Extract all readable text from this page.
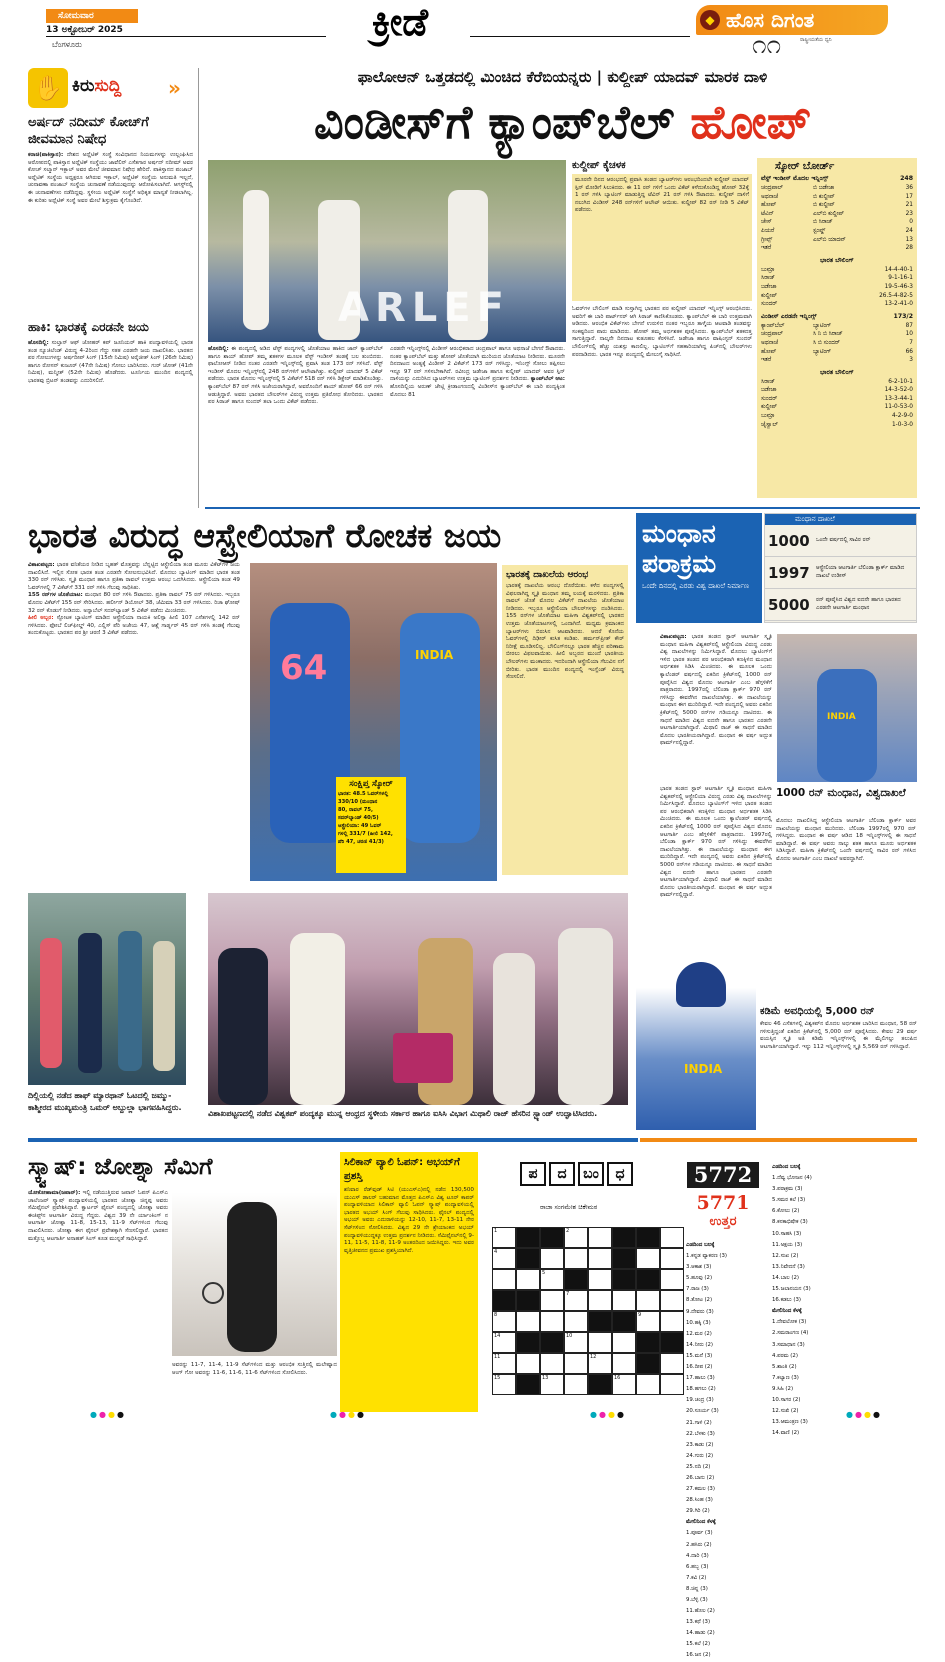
ಸೋಮವಾರ
13 ಅಕ್ಟೋಬರ್ 2025
ಬೆಂಗಳೂರು
ಕ್ರೀಡೆ	◆ ಹೊಸ ದಿಗಂತ
ರಾಷ್ಟ್ರೀಯತೆಯ ಧ್ವನಿ
೧೧
✋ ಕಿರುಸುದ್ದಿ »
ಅರ್ಷದ್ ನದೀಮ್ ಕೋಚ್‌ಗೆ ಜೀವಮಾನ ನಿಷೇಧ
ಕರಾಚಿ(ಪಾಕಿಸ್ತಾನ): ದೇಶದ ಅಥ್ಲೆಟಿಕ್ ಸಂಸ್ಥೆ ಸಂವಿಧಾನದ ನಿಯಮಗಳನ್ನು ಉಲ್ಲಂಘಿಸಿದ ಆರೋಪದಲ್ಲಿ ಪಾಕಿಸ್ತಾನ ಅಥ್ಲೆಟಿಕ್ ಸಂಸ್ಥೆಯು ಜಾವೆಲಿನ್ ಎಸೆತಗಾರ ಅರ್ಷದ್ ನದೀಮ್ ಅವರ ಕೋಚ್ ಸಲ್ಮಾನ್ ಇಕ್ಬಾಲ್ ಅವರ ಮೇಲೆ ಜೀವಮಾನ ನಿಷೇಧ ಹೇರಿದೆ. ಪಾಕಿಸ್ತಾನದ ಪಂಜಾಬ್ ಅಥ್ಲೆಟಿಕ್ ಸಂಸ್ಥೆಯ ಅಧ್ಯಕ್ಷರೂ ಆಗಿರುವ ಇಕ್ಬಾಲ್, ಅಥ್ಲೆಟಿಕ್ ಸಂಸ್ಥೆಯ ಅನುಮತಿ ಇಲ್ಲದೆ, ಚುನಾವಣಾ ಪಂಜಾಬ್ ಸಂಸ್ಥೆಯ ಚುನಾವಣೆ ನಡೆಯುವುದನ್ನು ಆರೋಪಿಸಲಾಗಿದೆ. ಆಗಸ್ಟ್‌ನಲ್ಲಿ ಈ ಚುನಾವಣೆಗಳು ನಡೆದಿದ್ದವು. ಸ್ಥಳೀಯ ಅಥ್ಲೆಟಿಕ್ ಸಂಸ್ಥೆಗೆ ಅಧಿಕೃತ ಮಾನ್ಯತೆ ನೀಡಲಾಗಿಲ್ಲ. ಈ ಕುರಿತು ಅಥ್ಲೆಟಿಕ್ ಸಂಸ್ಥೆ ಅವರ ಮೇಲೆ ಶಿಸ್ತುಕ್ರಮ ಕೈಗೊಂಡಿದೆ.
ಹಾಕಿ: ಭಾರತಕ್ಕೆ ಎರಡನೇ ಜಯ
ಹೊಸದಿಲ್ಲಿ: ಸುಲ್ತಾನ್ ಆಫ್ ಜೋಹರ್ ಕಪ್ ಜೂನಿಯರ್ ಹಾಕಿ ಪಂದ್ಯಾವಳಿಯಲ್ಲಿ ಭಾರತ ತಂಡ ನ್ಯೂಜಿಲೆಂಡ್ ವಿರುದ್ಧ 4-2ರಿಂದ ಗೆದ್ದು ಸತತ ಎರಡನೇ ಜಯ ದಾಖಲಿಸಿತು. ಭಾರತದ ಪರ ಗೋಲುಗಳನ್ನು ಅರ್ಷದೀಪ್ ಸಿಂಗ್ (15ನೇ ನಿಮಿಷ) ಅರೈಜೀತ್ ಸಿಂಗ್ (26ನೇ ನಿಮಿಷ) ಹಾಗೂ ರೋಸನ್ ಕುಜೂರ್ (47ನೇ ನಿಮಿಷ) ಗೋಲು ಬಾರಿಸಿದರು. ಗುರ್ ಜೋತ್ (41ನೇ ನಿಮಿಷ), ಮನ್ಮೀತ್ (52ನೇ ನಿಮಿಷ) ಹೊಡೆದರು. ಟೂರ್ನಿಯ ಮುಂದಿನ ಪಂದ್ಯದಲ್ಲಿ ಭಾರತವು ಬ್ರಿಟನ್ ತಂಡವನ್ನು ಎದುರಿಸಲಿದೆ.
ಫಾಲೋಆನ್ ಒತ್ತಡದಲ್ಲಿ ಮಿಂಚಿದ ಕೆರೆಬಿಯನ್ನರು | ಕುಲ್ದೀಪ್ ಯಾದವ್ ಮಾರಕ ದಾಳಿ
ವಿಂಡೀಸ್‌ಗೆ ಕ್ಯಾಂಪ್‌ಬೆಲ್ ಹೋಪ್
ARLEF
ಹೊಸದಿಲ್ಲಿ: ಈ ಪಂದ್ಯದಲ್ಲಿ ಅಡಿದ ಟೆಸ್ಟ್ ಪಂದ್ಯಗಳಲ್ಲಿ ಜೊತೆಯಾಟ ಹಾಕಿದ ಜಾನ್ ಕ್ಯಾಂಪ್‌ಬೆಲ್ ಹಾಗೂ ಶಾಯ್ ಹೋಪ್ ತಮ್ಮ ಶತಕಗಳ ಮೂಲಕ ವೆಸ್ಟ್ ಇಂಡೀಸ್ ತಂಡಕ್ಕೆ ಬಲ ತುಂಬಿದರು. ಫಾಲೋಆನ್ ನೀಡಿದ ನಂತರ ಎರಡನೇ ಇನ್ನಿಂಗ್ಸ್‌ನಲ್ಲಿ ಪ್ರವಾಸಿ ತಂಡ 173 ರನ್ ಗಳಿಸಿದೆ. ವೆಸ್ಟ್ ಇಂಡೀಸ್ ಮೊದಲ ಇನ್ನಿಂಗ್ಸ್‌ನಲ್ಲಿ 248 ರನ್‌ಗಳಿಗೆ ಆಲೌಟಾಗಿತ್ತು. ಕುಲ್ದೀಪ್ ಯಾದವ್ 5 ವಿಕೆಟ್ ಪಡೆದರು. ಭಾರತ ಮೊದಲ ಇನ್ನಿಂಗ್ಸ್‌ನಲ್ಲಿ 5 ವಿಕೆಟ್‌ಗೆ 518 ರನ್ ಗಳಿಸಿ ಡಿಕ್ಲೇರ್ ಮಾಡಿಕೊಂಡಿತ್ತು. ಕ್ಯಾಂಪ್‌ಬೆಲ್ 87 ರನ್ ಗಳಿಸಿ ಅಜೇಯರಾಗಿದ್ದಾರೆ, ಅವರೊಂದಿಗೆ ಶಾಯ್ ಹೋಪ್ 66 ರನ್ ಗಳಿಸಿ ಆಡುತ್ತಿದ್ದಾರೆ. ಅವರು ಭಾರತದ ಬೌಲರ್‌ಗಳ ವಿರುದ್ಧ ಉತ್ತಮ ಪ್ರತಿರೋಧ ತೋರಿದರು. ಭಾರತದ ಪರ ಸಿರಾಜ್ ಹಾಗೂ ಸುಂದರ್ ತಲಾ ಒಂದು ವಿಕೆಟ್ ಪಡೆದರು.
ಎರಡನೇ ಇನ್ನಿಂಗ್ಸ್‌ನಲ್ಲಿ ವಿಂಡೀಸ್ ಆರಂಭಿಕರಾದ ಚಂದ್ರಪಾಲ್ ಹಾಗೂ ಅಥನಾಜೆ ಬೇಗನೆ ಔಟಾದರು. ನಂತರ ಕ್ಯಾಂಪ್‌ಬೆಲ್ ಮತ್ತು ಹೋಪ್ ಜೊತೆಯಾಗಿ ಮುರಿಯದ ಜೊತೆಯಾಟ ನೀಡಿದರು. ಮೂರನೇ ದಿನದಾಟದ ಅಂತ್ಯಕ್ಕೆ ವಿಂಡೀಸ್ 2 ವಿಕೆಟ್‌ಗೆ 173 ರನ್ ಗಳಿಸಿದ್ದು, ಇನಿಂಗ್ಸ್ ಸೋಲು ತಪ್ಪಿಸಲು ಇನ್ನೂ 97 ರನ್ ಗಳಿಸಬೇಕಾಗಿದೆ. ರವೀಂದ್ರ ಜಡೇಜಾ ಹಾಗೂ ಕುಲ್ದೀಪ್ ಯಾದವ್ ಅವರ ಸ್ಪಿನ್ ದಾಳಿಯನ್ನು ಎದುರಿಸಿದ ಬ್ಯಾಟರ್‌ಗಳು ಉತ್ತಮ ಬ್ಯಾಟಿಂಗ್ ಪ್ರದರ್ಶನ ನೀಡಿದರು. ಕ್ಯಾಂಪ್‌ಬೆಲ್ ಆಟ: ಹೊಸದಿಲ್ಲಿಯ ಅರುಣ್ ಜೇಟ್ಲಿ ಕ್ರೀಡಾಂಗಣದಲ್ಲಿ ವಿಂಡೀಸ್‌ನ ಕ್ಯಾಂಪ್‌ಬೆಲ್ ಈ ಬಾರಿ ಪಂದ್ಯಕ್ಕಿಂತ ಮೊದಲು 81
ಕುಲ್ದೀಪ್ ಕೈಚಳಕ
ಮೂರನೇ ದಿನದ ಆರಂಭದಲ್ಲಿ ಪ್ರವಾಸಿ ತಂಡದ ಬ್ಯಾಟರ್‌ಗಳು ಆರಂಭದಿಂದಲೇ ಕುಲ್ದೀಪ್ ಯಾದವ್ ಸ್ಪಿನ್ ಮೋಡಿಗೆ ಸಿಲುಕಿದರು. ಈ 11 ರನ್ ಗಳಿಗೆ ಒಂದು ವಿಕೆಟ್ ಕಳೆದುಕೊಂಡಿದ್ದ ಹೋಪ್ 32ಕ್ಕೆ 1 ರನ್ ಗಳಿಸಿ ಬ್ಯಾಟಿಂಗ್ ಮಾಡುತ್ತಿದ್ದ ಟೆವಿನ್ 21 ರನ್ ಗಳಿಸಿ ಔಟಾದರು. ಕುಲ್ದೀಪ್ ದಾಳಿಗೆ ನಲುಗಿದ ವಿಂಡೀಸ್ 248 ರನ್‌ಗಳಿಗೆ ಆಲೌಟ್ ಆಯಿತು. ಕುಲ್ದೀಪ್ 82 ರನ್ ನೀಡಿ 5 ವಿಕೆಟ್ ಪಡೆದರು.
ಓವರ್‌ಗಳ ಬೌಲಿಂಗ್ ಮಾಡಿ ಸುಸ್ತಾಗಿದ್ದ ಭಾರತದ ಪರ ಕುಲ್ದೀಪ್ ಯಾದವ್ ಇನ್ನಿಂಗ್ಸ್ ಆರಂಭಿಸಿದರು. ಅವರಿಗೆ ಈ ಬಾರಿ ಪಾರ್ಟ್‌ನರ್ ಆಗಿ ಸಿರಾಜ್ ಕಾಣಿಸಿಕೊಂಡರು. ಕ್ಯಾಂಪ್‌ಬೆಲ್ ಈ ಬಾರಿ ಉತ್ತಮವಾಗಿ ಆಡಿದರು. ಆರಂಭಿಕ ವಿಕೆಟ್‌ಗಳು ಬೇಗನೆ ಉರುಳಿದ ನಂತರ ಇಬ್ಬರೂ ತಾಳ್ಮೆಯ ಆಟವಾಡಿ ತಂಡವನ್ನು ಸಂಕಷ್ಟದಿಂದ ಪಾರು ಮಾಡಿದರು. ಹೋಪ್ ತಮ್ಮ ಅರ್ಧಶತಕ ಪೂರೈಸಿದರು. ಕ್ಯಾಂಪ್‌ಬೆಲ್ ಶತಕದತ್ತ ಸಾಗುತ್ತಿದ್ದಾರೆ. ನಾಲ್ಕನೇ ದಿನದಾಟ ಕುತೂಹಲ ಕೆರಳಿಸಿದೆ. ಜಡೇಜಾ ಹಾಗೂ ವಾಷಿಂಗ್ಟನ್ ಸುಂದರ್ ಬೌಲಿಂಗ್‌ನಲ್ಲಿ ಹೆಚ್ಚು ಯಶಸ್ಸು ಕಾಣಲಿಲ್ಲ. ಬ್ಯಾಟಿಂಗ್‌ಗೆ ಸಹಕಾರಿಯಾಗಿದ್ದ ಪಿಚ್‌ನಲ್ಲಿ ಬೌಲರ್‌ಗಳು ಪರದಾಡಿದರು. ಭಾರತ ಇನ್ನೂ ಪಂದ್ಯದಲ್ಲಿ ಮೇಲುಗೈ ಸಾಧಿಸಿದೆ.
ಸ್ಕೋರ್ ಬೋರ್ಡ್
ವೆಸ್ಟ್ ಇಂಡೀಸ್ ಮೊದಲ ಇನ್ನಿಂಗ್ಸ್	248
ಚಂದ್ರಪಾಲ್	ಬಿ ಜಡೇಜಾ	36
ಅಥನಾಜೆ	ಬಿ ಕುಲ್ದೀಪ್	17
ಹೋಪ್	ಬಿ ಕುಲ್ದೀಪ್	21
ಟೆವಿನ್	ಎಲ್‌ಬಿ ಕುಲ್ದೀಪ್	23
ಚೇಸ್	ಬಿ ಸಿರಾಜ್	0
ಪಿಯರೆ	ಸ್ಟಂಪ್ಡ್	24
ಗ್ರೀವ್ಸ್	ಎಲ್‌ಬಿ ಯಾದವ್	13
ಇತರೆ	28
ಭಾರತ ಬೌಲಿಂಗ್
ಬುಮ್ರಾ	14-4-40-1
ಸಿರಾಜ್	9-1-16-1
ಜಡೇಜಾ	19-5-46-3
ಕುಲ್ದೀಪ್	26.5-4-82-5
ಸುಂದರ್	13-2-41-0
ವಿಂಡೀಸ್ ಎರಡನೇ ಇನ್ನಿಂಗ್ಸ್	173/2
ಕ್ಯಾಂಪ್‌ಬೆಲ್	ಬ್ಯಾಟಿಂಗ್	87
ಚಂದ್ರಪಾಲ್	ಸಿ ನಿ ಬಿ ಸಿರಾಜ್	10
ಅಥನಾಜೆ	ಸಿ ಬಿ ಸುಂದರ್	7
ಹೋಪ್	ಬ್ಯಾಟಿಂಗ್	66
ಇತರೆ	3
ಭಾರತ ಬೌಲಿಂಗ್
ಸಿರಾಜ್	6-2-10-1
ಜಡೇಜಾ	14-3-52-0
ಸುಂದರ್	13-3-44-1
ಕುಲ್ದೀಪ್	11-0-53-0
ಬುಮ್ರಾ	4-2-9-0
ಜೈಸ್ವಾಲ್	1-0-3-0
ಭಾರತ ವಿರುದ್ಧ ಆಸ್ಟ್ರೇಲಿಯಾಗೆ ರೋಚಕ ಜಯ
ವಿಶಾಖಪಟ್ಟಣ: ಭಾರತ ವನಿತೆಯರ ನೀಡಿದ ಬೃಹತ್ ಮೊತ್ತವನ್ನು ಬೆನ್ನಟ್ಟಿದ ಆಸ್ಟ್ರೇಲಿಯಾ ತಂಡ ಮೂರು ವಿಕೆಟ್‌ಗಳ ಜಯ ದಾಖಲಿಸಿದೆ. ಇಲ್ಲಿನ ಸೋತ ಭಾರತ ತಂಡ ಎರಡನೇ ಸೋಲನುಭವಿಸಿದೆ. ಮೊದಲು ಬ್ಯಾಟಿಂಗ್ ಮಾಡಿದ ಭಾರತ ತಂಡ 330 ರನ್ ಗಳಿಸಿತು. ಸ್ಮೃತಿ ಮಂಧಾನ ಹಾಗೂ ಪ್ರತಿಕಾ ರಾವಲ್ ಉತ್ತಮ ಆರಂಭ ಒದಗಿಸಿದರು. ಆಸ್ಟ್ರೇಲಿಯಾ ತಂಡ 49 ಓವರ್‌ಗಳಲ್ಲಿ 7 ವಿಕೆಟ್‌ಗೆ 331 ರನ್ ಗಳಿಸಿ ಗೆಲುವು ಸಾಧಿಸಿತು.
155 ರನ್‌ಗಳ ಜೊತೆಯಾಟ: ಮಂಧಾನ 80 ರನ್ ಗಳಿಸಿ ಔಟಾದರು. ಪ್ರತಿಕಾ ರಾವಲ್ 75 ರನ್ ಗಳಿಸಿದರು. ಇಬ್ಬರೂ ಮೊದಲ ವಿಕೆಟ್‌ಗೆ 155 ರನ್ ಸೇರಿಸಿದರು. ಹರ್ಲೀನ್ ಡಿಯೋಲ್ 38, ಜೆಮಿಮಾ 33 ರನ್ ಗಳಿಸಿದರು. ರಿಚಾ ಘೋಷ್ 32 ರನ್ ಕೊಡುಗೆ ನೀಡಿದರು. ಅನ್ನಾಬೆಲ್ ಸದರ್‌ಲ್ಯಾಂಡ್ 5 ವಿಕೆಟ್ ಪಡೆದು ಮಿಂಚಿದರು.
ಹೀಲಿ ಅಬ್ಬರ: ಸ್ಫೋಟಕ ಬ್ಯಾಟಿಂಗ್ ಮಾಡಿದ ಆಸ್ಟ್ರೇಲಿಯಾ ನಾಯಕಿ ಅಲಿಸ್ಸಾ ಹೀಲಿ 107 ಎಸೆತಗಳಲ್ಲಿ 142 ರನ್ ಗಳಿಸಿದರು. ಫೋಬೆ ಲಿಚ್‌ಫೀಲ್ಡ್ 40, ಎಲ್ಲಿಸ್ ಪೆರಿ ಅಜೇಯ 47, ಆಶ್ಲೆ ಗಾರ್ಡ್ನರ್ 45 ರನ್ ಗಳಿಸಿ ತಂಡಕ್ಕೆ ಗೆಲುವು ತಂದುಕೊಟ್ಟರು. ಭಾರತದ ಪರ ಶ್ರೀ ಚರಣಿ 3 ವಿಕೆಟ್ ಪಡೆದರು.
64	INDIA
ಸಂಕ್ಷಿಪ್ತ ಸ್ಕೋರ್
ಭಾರತ: 48.5 ಓವರ್‌ಗಳಲ್ಲಿ 330/10 (ಮಂಧಾನ
80, ರಾವಲ್ 75,
ಸದರ್‌ಲ್ಯಾಂಡ್ 40/5)
ಆಸ್ಟ್ರೇಲಿಯಾ: 49 ಓವರ್
ಗಳಲ್ಲಿ 331/7 (ಹೀಲಿ 142,
ಪೆರಿ 47, ಚರಣಿ 41/3)
ಭಾರತಕ್ಕೆ ದಾಖಲೆಯ ಆರಂಭ
ಭಾರತಕ್ಕೆ ದಾಖಲೆಯ ಆರಂಭ ದೊರೆಯಿತು. ಕಳೆದ ಪಂದ್ಯಗಳಲ್ಲಿ ವಿಫಲರಾಗಿದ್ದ ಸ್ಮೃತಿ ಮಂಧಾನ ತಮ್ಮ ಲಯಕ್ಕೆ ಮರಳಿದರು. ಪ್ರತಿಕಾ ರಾವಲ್ ಜೊತೆ ಮೊದಲ ವಿಕೆಟ್‌ಗೆ ದಾಖಲೆಯ ಜೊತೆಯಾಟ ನೀಡಿದರು. ಇಬ್ಬರೂ ಆಸ್ಟ್ರೇಲಿಯಾ ಬೌಲರ್‌ಗಳನ್ನು ದಂಡಿಸಿದರು. 155 ರನ್‌ಗಳ ಜೊತೆಯಾಟ ಮಹಿಳಾ ವಿಶ್ವಕಪ್‌ನಲ್ಲಿ ಭಾರತದ ಉತ್ತಮ ಜೊತೆಯಾಟಗಳಲ್ಲಿ ಒಂದಾಗಿದೆ. ಮಧ್ಯಮ ಕ್ರಮಾಂಕದ ಬ್ಯಾಟರ್‌ಗಳು ಬಿರುಸಿನ ಆಟವಾಡಿದರು. ಆದರೆ ಕೊನೆಯ ಓವರ್‌ಗಳಲ್ಲಿ ದಿಢೀರ್ ಕುಸಿತ ಕಂಡಿತು. ಹರ್ಮನ್‌ಪ್ರೀತ್ ಕೌರ್ ನಿರೀಕ್ಷೆ ಮೂಡಿಸಲಿಲ್ಲ. ಬೌಲಿಂಗ್‌ನಲ್ಲೂ ಭಾರತ ಹೆಚ್ಚಿನ ಪರಿಣಾಮ ಬೀರಲು ವಿಫಲವಾಯಿತು. ಹೀಲಿ ಅಬ್ಬರದ ಮುಂದೆ ಭಾರತೀಯ ಬೌಲರ್‌ಗಳು ಮಂಕಾದರು. ಇದರಿಂದಾಗಿ ಆಸ್ಟ್ರೇಲಿಯಾ ಗೆಲುವಿನ ನಗೆ ಬೀರಿತು. ಭಾರತ ಮುಂದಿನ ಪಂದ್ಯದಲ್ಲಿ ಇಂಗ್ಲೆಂಡ್ ವಿರುದ್ಧ ಸೆಣಸಲಿದೆ.
ಮಂಧಾನ
ಪರಾಕ್ರಮ
ಒಂದೇ ದಿನದಲ್ಲಿ ಎರಡು ವಿಶ್ವ ದಾಖಲೆ ನಿರ್ಮಾಣ
ಮಂಧಾನ ದಾಖಲೆ
1000	ಒಂದೇ ವರ್ಷದಲ್ಲಿ ಸಾವಿರ ರನ್
1997	ಆಸ್ಟ್ರೇಲಿಯಾ ಆಟಗಾರ್ತಿ ಬೆಲಿಂಡಾ ಕ್ಲಾರ್ಕ್ ಮಾಡಿದ ದಾಖಲೆ ಉಡೀಸ್
5000	ರನ್ ಪೂರೈಸಿದ ವಿಶ್ವದ ಐದನೇ ಹಾಗೂ ಭಾರತದ ಎರಡನೇ ಆಟಗಾರ್ತಿ ಮಂಧಾನ
ವಿಶಾಖಪಟ್ಟಣ: ಭಾರತ ತಂಡದ ಸ್ಟಾರ್ ಆಟಗಾರ್ತಿ ಸ್ಮೃತಿ ಮಂಧಾನ ಮಹಿಳಾ ವಿಶ್ವಕಪ್‌ನಲ್ಲಿ ಆಸ್ಟ್ರೇಲಿಯಾ ವಿರುದ್ಧ ಎರಡು ವಿಶ್ವ ದಾಖಲೆಗಳನ್ನು ನಿರ್ಮಿಸಿದ್ದಾರೆ. ಮೊದಲು ಬ್ಯಾಟಿಂಗ್‌ಗೆ ಇಳಿದ ಭಾರತ ತಂಡದ ಪರ ಆರಂಭಿಕರಾಗಿ ಕಣಕ್ಕಿಳಿದ ಮಂಧಾನ ಅರ್ಧಶತಕ ಸಿಡಿಸಿ ಮಿಂಚಿದರು. ಈ ಮೂಲಕ ಒಂದು ಕ್ಯಾಲೆಂಡರ್ ವರ್ಷದಲ್ಲಿ ಏಕದಿನ ಕ್ರಿಕೆಟ್‌ನಲ್ಲಿ 1000 ರನ್ ಪೂರೈಸಿದ ವಿಶ್ವದ ಮೊದಲ ಆಟಗಾರ್ತಿ ಎಂಬ ಹೆಗ್ಗಳಿಕೆಗೆ ಪಾತ್ರರಾದರು. 1997ರಲ್ಲಿ ಬೆಲಿಂಡಾ ಕ್ಲಾರ್ಕ್ 970 ರನ್ ಗಳಿಸಿದ್ದು ಈವರೆಗಿನ ದಾಖಲೆಯಾಗಿತ್ತು. ಈ ದಾಖಲೆಯನ್ನು ಮಂಧಾನ ಈಗ ಮುರಿದಿದ್ದಾರೆ. ಇದೇ ಪಂದ್ಯದಲ್ಲಿ ಅವರು ಏಕದಿನ ಕ್ರಿಕೆಟ್‌ನಲ್ಲಿ 5000 ರನ್‌ಗಳ ಗಡಿಯನ್ನೂ ದಾಟಿದರು. ಈ ಸಾಧನೆ ಮಾಡಿದ ವಿಶ್ವದ ಐದನೇ ಹಾಗೂ ಭಾರತದ ಎರಡನೇ ಆಟಗಾರ್ತಿಯಾಗಿದ್ದಾರೆ. ಮಿಥಾಲಿ ರಾಜ್ ಈ ಸಾಧನೆ ಮಾಡಿದ ಮೊದಲ ಭಾರತೀಯರಾಗಿದ್ದಾರೆ. ಮಂಧಾನ ಈ ವರ್ಷ ಅದ್ಭುತ ಫಾರ್ಮ್‌ನಲ್ಲಿದ್ದಾರೆ.
INDIA
1000 ರನ್ ಮಂಧಾನ, ವಿಶ್ವದಾಖಲೆ
ಮೊದಲು ದಾಖಲಿಸಿದ್ದ ಆಸ್ಟ್ರೇಲಿಯಾ ಆಟಗಾರ್ತಿ ಬೆಲಿಂಡಾ ಕ್ಲಾರ್ಕ್ ಅವರ ದಾಖಲೆಯನ್ನು ಮಂಧಾನ ಮುರಿದರು. ಬೆಲಿಂಡಾ 1997ರಲ್ಲಿ 970 ರನ್ ಗಳಿಸಿದ್ದರು. ಮಂಧಾನ ಈ ವರ್ಷ ಆಡಿದ 18 ಇನ್ನಿಂಗ್ಸ್‌ಗಳಲ್ಲಿ ಈ ಸಾಧನೆ ಮಾಡಿದ್ದಾರೆ. ಈ ವರ್ಷ ಅವರು ನಾಲ್ಕು ಶತಕ ಹಾಗೂ ಮೂರು ಅರ್ಧಶತಕ ಸಿಡಿಸಿದ್ದಾರೆ. ಮಹಿಳಾ ಕ್ರಿಕೆಟ್‌ನಲ್ಲಿ ಒಂದೇ ವರ್ಷದಲ್ಲಿ ಸಾವಿರ ರನ್ ಗಳಿಸಿದ ಮೊದಲ ಆಟಗಾರ್ತಿ ಎಂಬ ದಾಖಲೆ ಅವರದ್ದಾಗಿದೆ.
ಭಾರತ ತಂಡದ ಸ್ಟಾರ್ ಆಟಗಾರ್ತಿ ಸ್ಮೃತಿ ಮಂಧಾನ ಮಹಿಳಾ ವಿಶ್ವಕಪ್‌ನಲ್ಲಿ ಆಸ್ಟ್ರೇಲಿಯಾ ವಿರುದ್ಧ ಎರಡು ವಿಶ್ವ ದಾಖಲೆಗಳನ್ನು ನಿರ್ಮಿಸಿದ್ದಾರೆ. ಮೊದಲು ಬ್ಯಾಟಿಂಗ್‌ಗೆ ಇಳಿದ ಭಾರತ ತಂಡದ ಪರ ಆರಂಭಿಕರಾಗಿ ಕಣಕ್ಕಿಳಿದ ಮಂಧಾನ ಅರ್ಧಶತಕ ಸಿಡಿಸಿ ಮಿಂಚಿದರು. ಈ ಮೂಲಕ ಒಂದು ಕ್ಯಾಲೆಂಡರ್ ವರ್ಷದಲ್ಲಿ ಏಕದಿನ ಕ್ರಿಕೆಟ್‌ನಲ್ಲಿ 1000 ರನ್ ಪೂರೈಸಿದ ವಿಶ್ವದ ಮೊದಲ ಆಟಗಾರ್ತಿ ಎಂಬ ಹೆಗ್ಗಳಿಕೆಗೆ ಪಾತ್ರರಾದರು. 1997ರಲ್ಲಿ ಬೆಲಿಂಡಾ ಕ್ಲಾರ್ಕ್ 970 ರನ್ ಗಳಿಸಿದ್ದು ಈವರೆಗಿನ ದಾಖಲೆಯಾಗಿತ್ತು. ಈ ದಾಖಲೆಯನ್ನು ಮಂಧಾನ ಈಗ ಮುರಿದಿದ್ದಾರೆ. ಇದೇ ಪಂದ್ಯದಲ್ಲಿ ಅವರು ಏಕದಿನ ಕ್ರಿಕೆಟ್‌ನಲ್ಲಿ 5000 ರನ್‌ಗಳ ಗಡಿಯನ್ನೂ ದಾಟಿದರು. ಈ ಸಾಧನೆ ಮಾಡಿದ ವಿಶ್ವದ ಐದನೇ ಹಾಗೂ ಭಾರತದ ಎರಡನೇ ಆಟಗಾರ್ತಿಯಾಗಿದ್ದಾರೆ. ಮಿಥಾಲಿ ರಾಜ್ ಈ ಸಾಧನೆ ಮಾಡಿದ ಮೊದಲ ಭಾರತೀಯರಾಗಿದ್ದಾರೆ. ಮಂಧಾನ ಈ ವರ್ಷ ಅದ್ಭುತ ಫಾರ್ಮ್‌ನಲ್ಲಿದ್ದಾರೆ.
INDIA
ಕಡಿಮೆ ಅವಧಿಯಲ್ಲಿ 5,000 ರನ್
ಕೇವಲ 46 ಎಸೆತಗಳಲ್ಲಿ ವಿಶ್ವಕಪ್‌ನ ಮೊದಲ ಅರ್ಧಶತಕ ಬಾರಿಸಿದ ಮಂಧಾನ, 58 ರನ್ ಗಳಿಸುತ್ತಿದ್ದಂತೆ ಏಕದಿನ ಕ್ರಿಕೆಟ್‌ನಲ್ಲಿ 5,000 ರನ್ ಪೂರೈಸಿದರು. ಕೇವಲ 29 ವರ್ಷ ವಯಸ್ಸಿನ ಸ್ಮೃತಿ ಅತಿ ಕಡಿಮೆ ಇನ್ನಿಂಗ್ಸ್‌ಗಳಲ್ಲಿ ಈ ಮೈಲಿಗಲ್ಲು ತಲುಪಿದ ಆಟಗಾರ್ತಿಯಾಗಿದ್ದಾರೆ. ಇನ್ನು 112 ಇನ್ನಿಂಗ್ಸ್‌ಗಳಲ್ಲಿ ಸ್ಮೃತಿ 5,569 ರನ್ ಗಳಿಸಿದ್ದಾರೆ.
ದಿಲ್ಲಿಯಲ್ಲಿ ನಡೆದ ಹಾಫ್ ಮ್ಯಾರಥಾನ್ ಓಟದಲ್ಲಿ ಜಮ್ಮು-ಕಾಶ್ಮೀರದ ಮುಖ್ಯಮಂತ್ರಿ ಒಮರ್ ಅಬ್ದುಲ್ಲಾ ಭಾಗವಹಿಸಿದ್ದರು.
ವಿಶಾಖಪಟ್ಟಣದಲ್ಲಿ ನಡೆದ ವಿಶ್ವಕಪ್ ಪಂದ್ಯಕ್ಕೂ ಮುನ್ನ ಆಂಧ್ರದ ಸ್ಥಳೀಯ ಸರ್ಕಾರ ಹಾಗೂ ಐಸಿಸಿ ವಿಭಾಗ ಮಿಥಾಲಿ ರಾಜ್ ಹೆಸರಿನ ಸ್ಟ್ಯಾಂಡ್ ಉದ್ಘಾಟಿಸಿದರು.
ಸ್ಕ್ವಾಷ್: ಜೋಶ್ನಾ ಸೆಮಿಗೆ
ಯೋಕೋಹಾಮಾ(ಜಪಾನ್): ಇಲ್ಲಿ ನಡೆಯುತ್ತಿರುವ ಜಪಾನ್ ಓಪನ್ ಪಿಎಸ್‌ಎ ಚಾಲೆಂಜರ್ ಸ್ಕ್ವಾಷ್ ಪಂದ್ಯಾವಳಿಯಲ್ಲಿ ಭಾರತದ ಜೋಶ್ನಾ ಚಿನ್ನಪ್ಪ ಅವರು ಸೆಮಿಫೈನಲ್ ಪ್ರವೇಶಿಸಿದ್ದಾರೆ. ಕ್ವಾರ್ಟರ್ ಫೈನಲ್ ಪಂದ್ಯದಲ್ಲಿ ಜೋಶ್ನಾ ಅವರು ಈಜಿಪ್ಟ್‌ನ ಆಟಗಾರ್ತಿ ವಿರುದ್ಧ ಗೆದ್ದರು. ವಿಶ್ವದ 39 ನೇ ರ್ಯಾಂಕಿಂಗ್ ನ ಆಟಗಾರ್ತಿ ಜೋಶ್ನಾ 11-8, 15-13, 11-9 ಸೆಟ್‌ಗಳಿಂದ ಗೆಲುವು ದಾಖಲಿಸಿದರು. ಜೋಶ್ನಾ ಈಗ ಫೈನಲ್ ಪ್ರವೇಶಕ್ಕಾಗಿ ಸೆಣಸಲಿದ್ದಾರೆ. ಭಾರತದ ಮತ್ತೊಬ್ಬ ಆಟಗಾರ್ತಿ ಅನಾಹತ್ ಸಿಂಗ್ ಕೂಡ ಮುನ್ನಡೆ ಸಾಧಿಸಿದ್ದಾರೆ.
ಸಿಲಿಕಾನ್ ವ್ಯಾಲಿ ಓಪನ್: ಅಭಯ್‌ಗೆ ಪ್ರಶಸ್ತಿ
ಶನಿವಾರ ರೆಡ್‌ವುಡ್ ಸಿಟಿ (ಯುಎಸ್‌ಎ)ನಲ್ಲಿ ನಡೆದ 130,500 ಯುಎಸ್ ಡಾಲರ್ ಬಹುಮಾನ ಮೊತ್ತದ ಪಿಎಸ್‌ಎ ವಿಶ್ವ ಟೂರ್ ಕಾಪರ್ ಪಂದ್ಯಾವಳಿಯಾದ ಸಿಲಿಕಾನ್ ವ್ಯಾಲಿ ಓಪನ್ ಸ್ಕ್ವಾಷ್ ಪಂದ್ಯಾವಳಿಯಲ್ಲಿ ಭಾರತದ ಅಭಯ್ ಸಿಂಗ್ ಗೆಲುವು ಸಾಧಿಸಿದರು. ಫೈನಲ್ ಪಂದ್ಯದಲ್ಲಿ ಅಭಯ್ ಅವರು ಎದುರಾಳಿಯನ್ನು 12-10, 11-7, 13-11 ನೇರ ಸೆಟ್‌ಗಳಿಂದ ಸೋಲಿಸಿದರು. ವಿಶ್ವದ 29 ನೇ ಶ್ರೇಯಾಂಕದ ಅಭಯ್ ಪಂದ್ಯಾವಳಿಯುದ್ದಕ್ಕೂ ಉತ್ತಮ ಪ್ರದರ್ಶನ ನೀಡಿದರು. ಸೆಮಿಫೈನಲ್‌ನಲ್ಲಿ 9-11, 11-5, 11-8, 11-9 ಅಂತರದಿಂದ ಜಯಿಸಿದ್ದರು. ಇದು ಅವರ ವೃತ್ತಿಜೀವನದ ಪ್ರಮುಖ ಪ್ರಶಸ್ತಿಯಾಗಿದೆ.
ಅವರನ್ನು 11-7, 11-4, 11-9 ಸೆಟ್‌ಗಳಿಂದ ಮತ್ತು ಆರಂಭಿಕ ಸುತ್ತಿನಲ್ಲಿ ಮಲೇಷ್ಯಾದ ಆಂಗ್ ಗೋ ಅವರನ್ನು 11-6, 11-6, 11-6 ಸೆಟ್‌ಗಳಿಂದ ಸೋಲಿಸಿದರು.
ಪ	ದ	ಬಂ	ಧ
ರಾಜಾ ಸಂಗಮೇಶ ಚಿಕೇಮಠ
1	2
4
5
7
8	9
14	10
11	12
15	13	16
5772
5771
ಉತ್ತರ
ಎಡದಿಂದ ಬಲಕ್ಕೆ
1.ಕನ್ನಡ ವ್ಯಾಕರಣ (3)
3.ಆಕಾಶ (3)
5.ಹೂವು (2)
7.ರಾಜ (3)
8.ತೋಟ (2)
9.ದೇವರು (3)
10.ಹಕ್ಕಿ (3)
12.ಮರ (2)
14.ನೀರು (2)
15.ಮನೆ (3)
16.ದೀಪ (2)
17.ಹಾಲು (3)
18.ಹಗಲು (2)
19.ಚಂದ್ರ (3)
20.ಸೂರ್ಯ (3)
21.ಗಾಳಿ (2)
22.ಬೆಳಕು (3)
23.ಕಾಡು (2)
24.ಗುರು (2)
25.ನದಿ (2)
26.ಬಾನು (2)
27.ಕಮಲ (3)
28.ಸಿಂಹ (3)
29.ಗಿರಿ (2)
ಮೇಲಿನಿಂದ ಕೆಳಕ್ಕೆ
1.ಪೂರ್ವ (3)
2.ಹಸಿರು (2)
4.ದಾರಿ (3)
6.ಹಬ್ಬ (3)
7.ಕವಿ (2)
8.ಚಿನ್ನ (3)
9.ಬೆಳ್ಳಿ (3)
11.ಹೊಲ (2)
13.ಕಥೆ (3)
14.ಹಾಡು (2)
15.ಕಲೆ (2)
16.ಜನ (2)
ಎಡದಿಂದ ಬಲಕ್ಕೆ
1.ದೆವ್ವ ಭೋಜನ (4)
3.ಪರಾಕ್ರಮ (3)
5.ಸಮರ ಕಲೆ (3)
6.ಕೋಲು (2)
8.ಕನಕಾಭಿಷೇಕ (3)
10.ಸಾಹಸಿ (3)
11.ಅಕ್ಷಯ (3)
12.ಸುಖ (2)
13.ನಿವೇದನೆ (3)
14.ಬಾಲ (2)
15.ಜಲಾನಯನ (3)
16.ಕಡಲು (3)
ಮೇಲಿನಿಂದ ಕೆಳಕ್ಕೆ
1.ದೇವಲೋಕ (3)
2.ಸಮರಾಂಗಣ (4)
3.ಸಮಾಧಾನ (3)
4.ಪರಮ (2)
5.ಶಾಂತಿ (2)
7.ಕಲ್ಯಾಣ (3)
9.ಸಿಹಿ (2)
10.ಸಾಗರ (2)
12.ಸುಖಿ (2)
13.ಆಮಂತ್ರಣ (3)
14.ವಾಣಿ (2)
●●●●	●●●●	●●●●	●●●●
